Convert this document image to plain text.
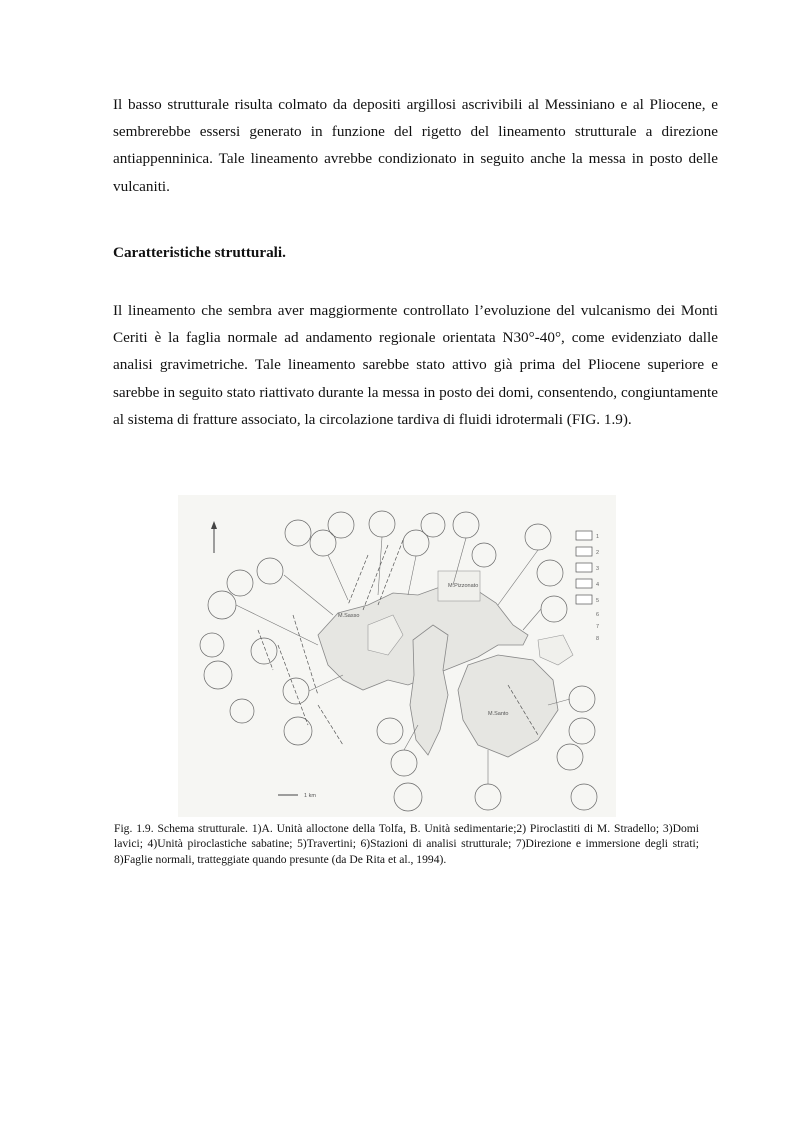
Il basso strutturale risulta colmato da depositi argillosi ascrivibili al Messiniano e al Pliocene, e sembrerebbe essersi generato in funzione del rigetto del lineamento strutturale a direzione antiappenninica. Tale lineamento avrebbe condizionato in seguito anche la messa in posto delle vulcaniti.

Caratteristiche strutturali.

Il lineamento che sembra aver maggiormente controllato l’evoluzione del vulcanismo dei Monti Ceriti è la faglia normale ad andamento regionale orientata N30°-40°, come evidenziato dalle analisi gravimetriche. Tale lineamento sarebbe stato attivo già prima del Pliocene superiore e sarebbe in seguito stato riattivato durante la messa in posto dei domi, consentendo, congiuntamente al sistema di fratture associato, la circolazione tardiva di fluidi idrotermali (FIG. 1.9).

1
2
3
4
5
6
7
8
M.Sasso
M.Pizzonato
M.Santo
1 km

Fig. 1.9. Schema strutturale. 1)A. Unità alloctone della Tolfa, B. Unità sedimentarie;2) Piroclastiti di M. Stradello; 3)Domi lavici; 4)Unità piroclastiche sabatine; 5)Travertini; 6)Stazioni di analisi strutturale; 7)Direzione e immersione degli strati; 8)Faglie normali, tratteggiate quando presunte (da De Rita et al., 1994).
